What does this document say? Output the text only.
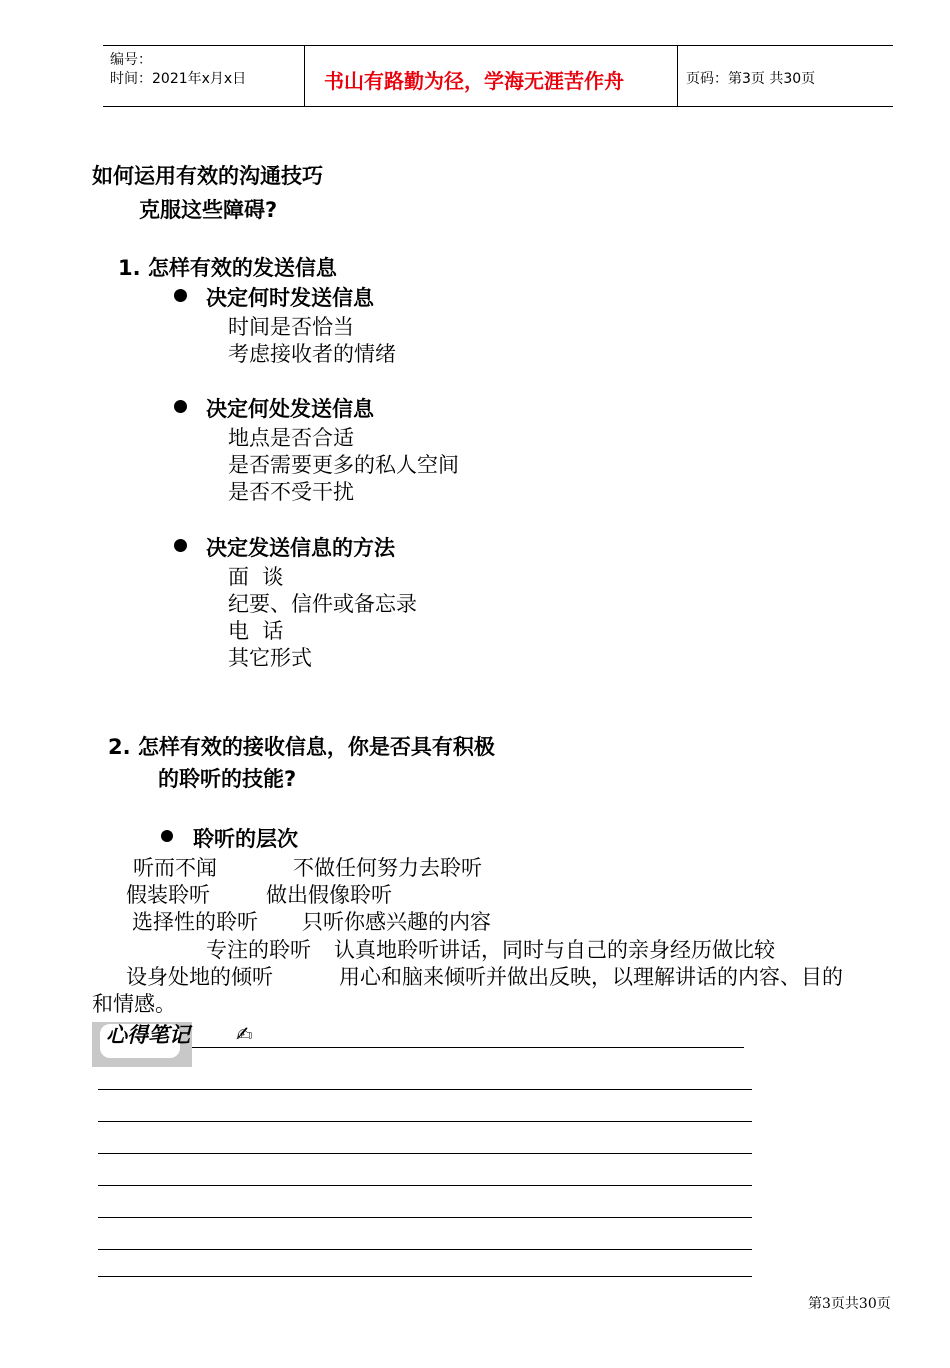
编号：
时间：2021年x月x日	书山有路勤为径，学海无涯苦作舟	页码：第3页 共30页
如何运用有效的沟通技巧
克服这些障碍?
1. 怎样有效的发送信息
决定何时发送信息
时间是否恰当
考虑接收者的情绪
决定何处发送信息
地点是否合适
是否需要更多的私人空间
是否不受干扰
决定发送信息的方法
面  谈
纪要、信件或备忘录
电  话
其它形式
2. 怎样有效的接收信息，你是否具有积极
的聆听的技能?
聆听的层次
听而不闻	不做任何努力去聆听
假装聆听	做出假像聆听
选择性的聆听 只听你感兴趣的内容
专注的聆听 认真地聆听讲话，同时与自己的亲身经历做比较
设身处地的倾听	用心和脑来倾听并做出反映，以理解讲话的内容、目的
和情感。
心得笔记 ✍
第3页共30页
